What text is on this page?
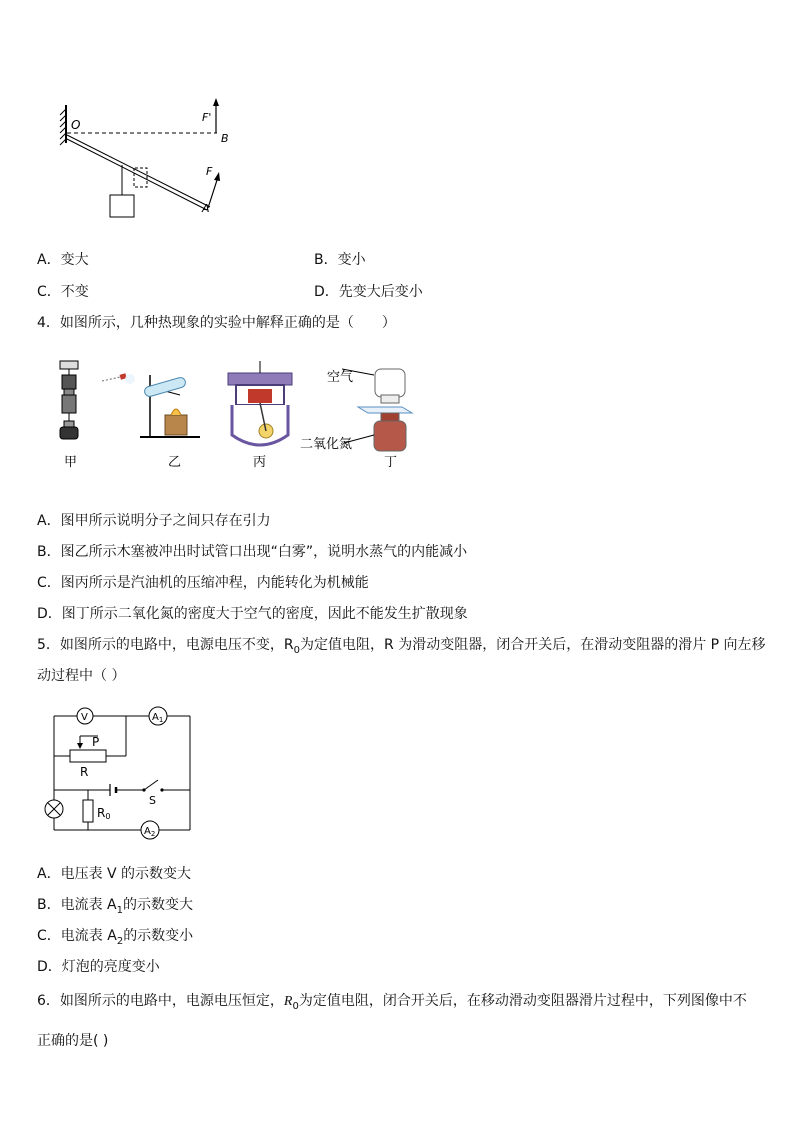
O
F'
B
F
A
A．变大	B．变小
C．不变	D．先变大后变小
4．如图所示，几种热现象的实验中解释正确的是（　　）
甲	乙	丙
空气
二氧化氮
丁
A．图甲所示说明分子之间只存在引力
B．图乙所示木塞被冲出时试管口出现“白雾”，说明水蒸气的内能减小
C．图丙所示是汽油机的压缩冲程，内能转化为机械能
D．图丁所示二氧化氮的密度大于空气的密度，因此不能发生扩散现象
5．如图所示的电路中，电源电压不变，$R_0$为定值电阻，R 为滑动变阻器，闭合开关后，在滑动变阻器的滑片 P 向左移
动过程中（ ）
V	$A_1$
$A_2$
P
R
S
R0
A．电压表 V 的示数变大
B．电流表 $A_1$的示数变大
C．电流表 $A_2$的示数变小
D．灯泡的亮度变小
6．如图所示的电路中，电源电压恒定，$R_0$为定值电阻，闭合开关后，在移动滑动变阻器滑片过程中，下列图像中不
正确的是( )
